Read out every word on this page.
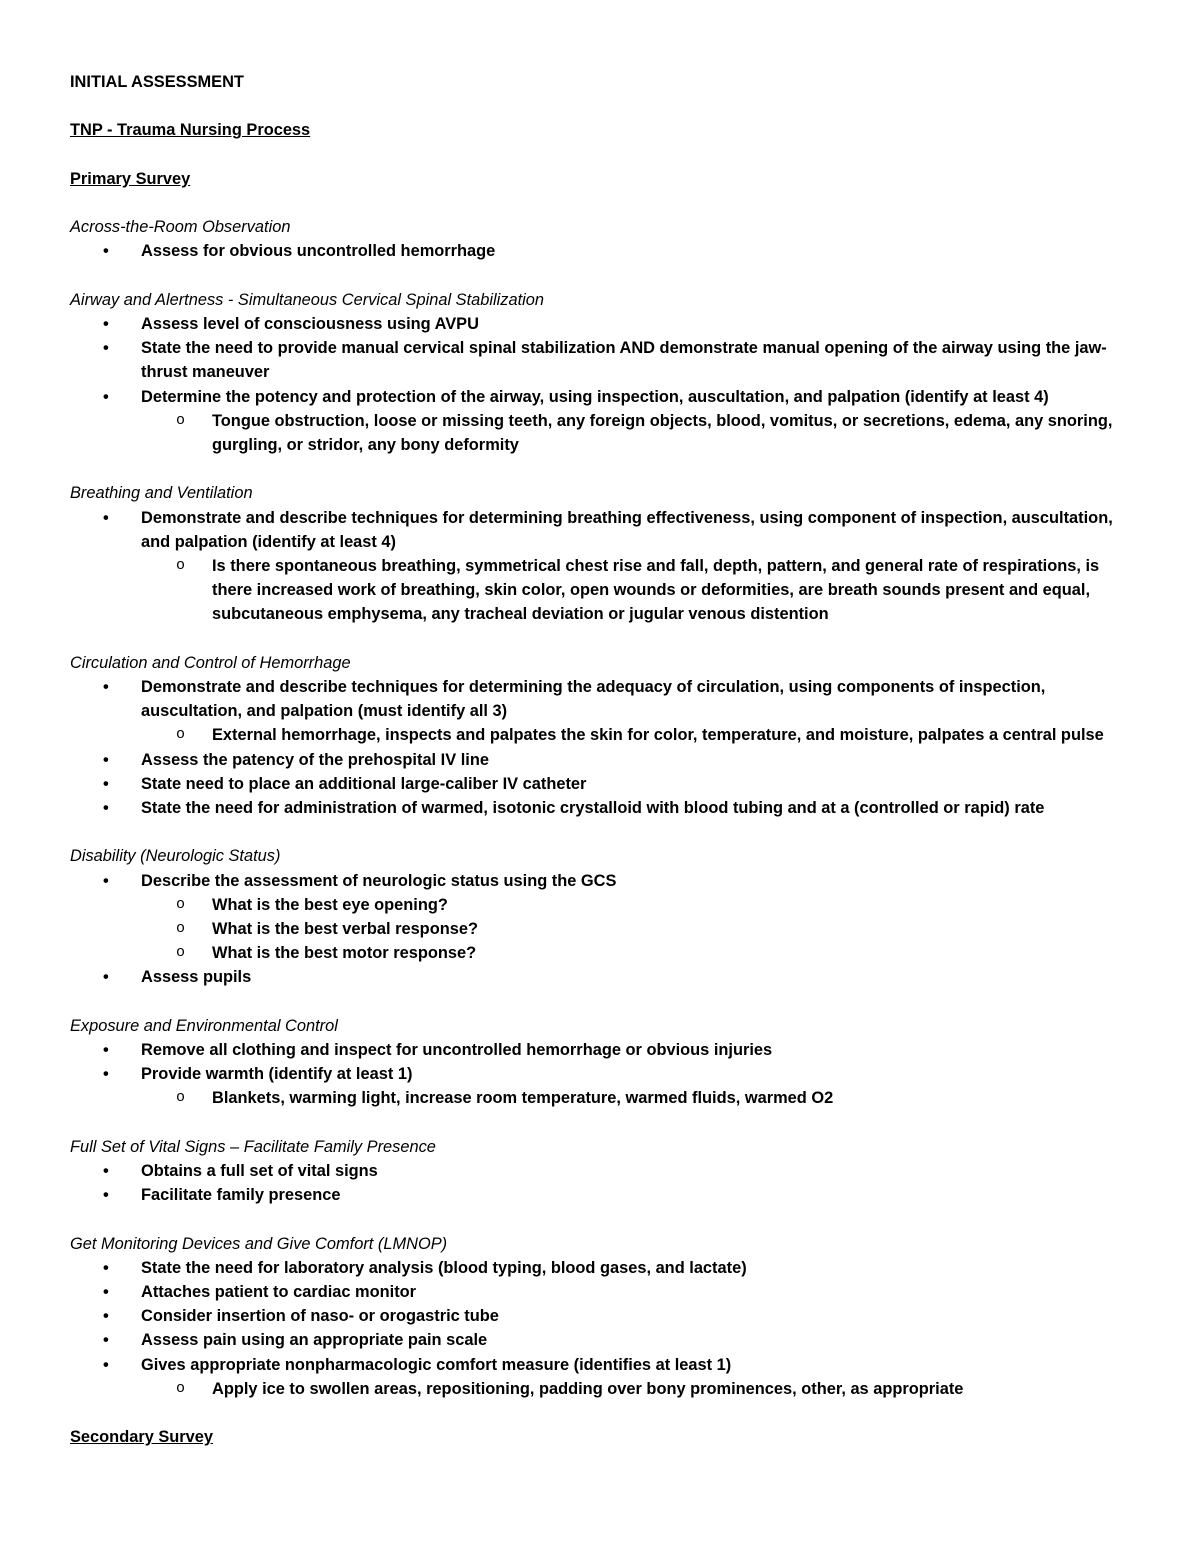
INITIAL ASSESSMENT

TNP - Trauma Nursing Process

Primary Survey

Across-the-Room Observation

• Assess for obvious uncontrolled hemorrhage

Airway and Alertness - Simultaneous Cervical Spinal Stabilization

• Assess level of consciousness using AVPU
• State the need to provide manual cervical spinal stabilization AND demonstrate manual opening of the airway using the jaw-thrust maneuver
• Determine the potency and protection of the airway, using inspection, auscultation, and palpation (identify at least 4)
o Tongue obstruction, loose or missing teeth, any foreign objects, blood, vomitus, or secretions, edema, any snoring, gurgling, or stridor, any bony deformity

Breathing and Ventilation

• Demonstrate and describe techniques for determining breathing effectiveness, using component of inspection, auscultation, and palpation (identify at least 4)
o Is there spontaneous breathing, symmetrical chest rise and fall, depth, pattern, and general rate of respirations, is there increased work of breathing, skin color, open wounds or deformities, are breath sounds present and equal, subcutaneous emphysema, any tracheal deviation or jugular venous distention

Circulation and Control of Hemorrhage

• Demonstrate and describe techniques for determining the adequacy of circulation, using components of inspection, auscultation, and palpation (must identify all 3)
o External hemorrhage, inspects and palpates the skin for color, temperature, and moisture, palpates a central pulse
• Assess the patency of the prehospital IV line
• State need to place an additional large-caliber IV catheter
• State the need for administration of warmed, isotonic crystalloid with blood tubing and at a (controlled or rapid) rate

Disability (Neurologic Status)

• Describe the assessment of neurologic status using the GCS
o What is the best eye opening?
o What is the best verbal response?
o What is the best motor response?
• Assess pupils

Exposure and Environmental Control

• Remove all clothing and inspect for uncontrolled hemorrhage or obvious injuries
• Provide warmth (identify at least 1)
o Blankets, warming light, increase room temperature, warmed fluids, warmed O2

Full Set of Vital Signs – Facilitate Family Presence

• Obtains a full set of vital signs
• Facilitate family presence

Get Monitoring Devices and Give Comfort (LMNOP)

• State the need for laboratory analysis (blood typing, blood gases, and lactate)
• Attaches patient to cardiac monitor
• Consider insertion of naso- or orogastric tube
• Assess pain using an appropriate pain scale
• Gives appropriate nonpharmacologic comfort measure (identifies at least 1)
o Apply ice to swollen areas, repositioning, padding over bony prominences, other, as appropriate

Secondary Survey
